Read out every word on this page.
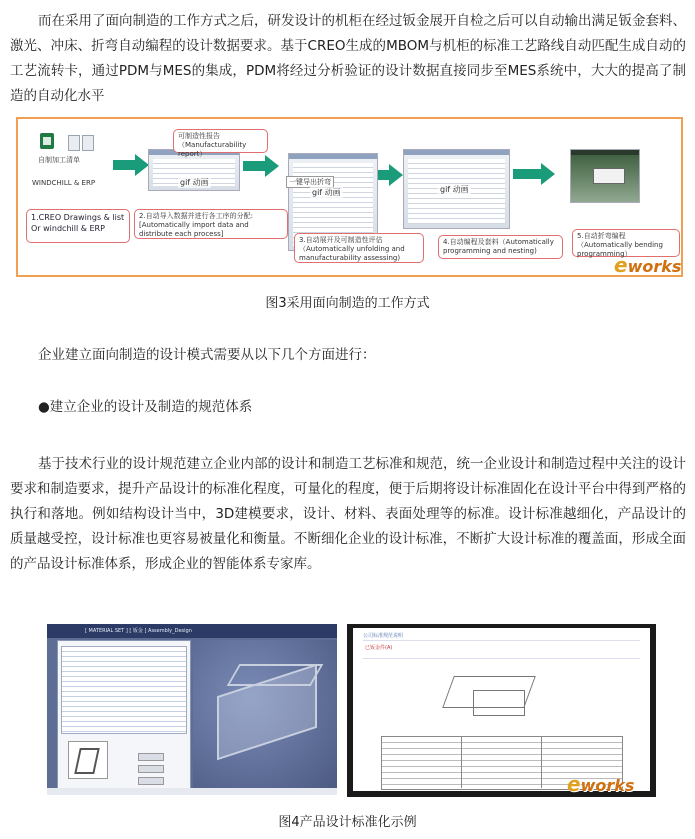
而在采用了面向制造的工作方式之后，研发设计的机柜在经过钣金展开自检之后可以自动输出满足钣金套料、激光、冲床、折弯自动编程的设计数据要求。基于CREO生成的MBOM与机柜的标准工艺路线自动匹配生成自动的工艺流转卡，通过PDM与MES的集成，PDM将经过分析验证的设计数据直接同步至MES系统中，大大的提高了制造的自动化水平

自制加工清单
WINDCHILL & ERP	gif 动画	一键导出折弯
gif 动画	gif 动画
1.CREO Drawings & list
Or windchill & ERP
2.自动导入数据并进行各工序的分配: [Automatically import data and distribute each process]
可制造性报告
（Manufacturability report）
3.自动展开及可制造性评估
（Automatically unfolding and manufacturability assessing)
4.自动编程及套料（Automatically programming and nesting)
5.自动折弯编程
（Automatically bending programming）
eworks
图3采用面向制造的工作方式
企业建立面向制造的设计模式需要从以下几个方面进行：
●建立企业的设计及制造的规范体系

基于技术行业的设计规范建立企业内部的设计和制造工艺标准和规范，统一企业设计和制造过程中关注的设计要求和制造要求，提升产品设计的标准化程度，可量化的程度，便于后期将设计标准固化在设计平台中得到严格的执行和落地。例如结构设计当中，3D建模要求，设计、材料、表面处理等的标准。设计标准越细化，产品设计的质量越受控，设计标准也更容易被量化和衡量。不断细化企业的设计标准，不断扩大设计标准的覆盖面，形成全面的产品设计标准体系，形成企业的智能体系专家库。

[ MATERIAL SET ] [ 钣金 ] Assembly_Design
公司标准规范说明
已钣金件(A)
eworks
图4产品设计标准化示例
